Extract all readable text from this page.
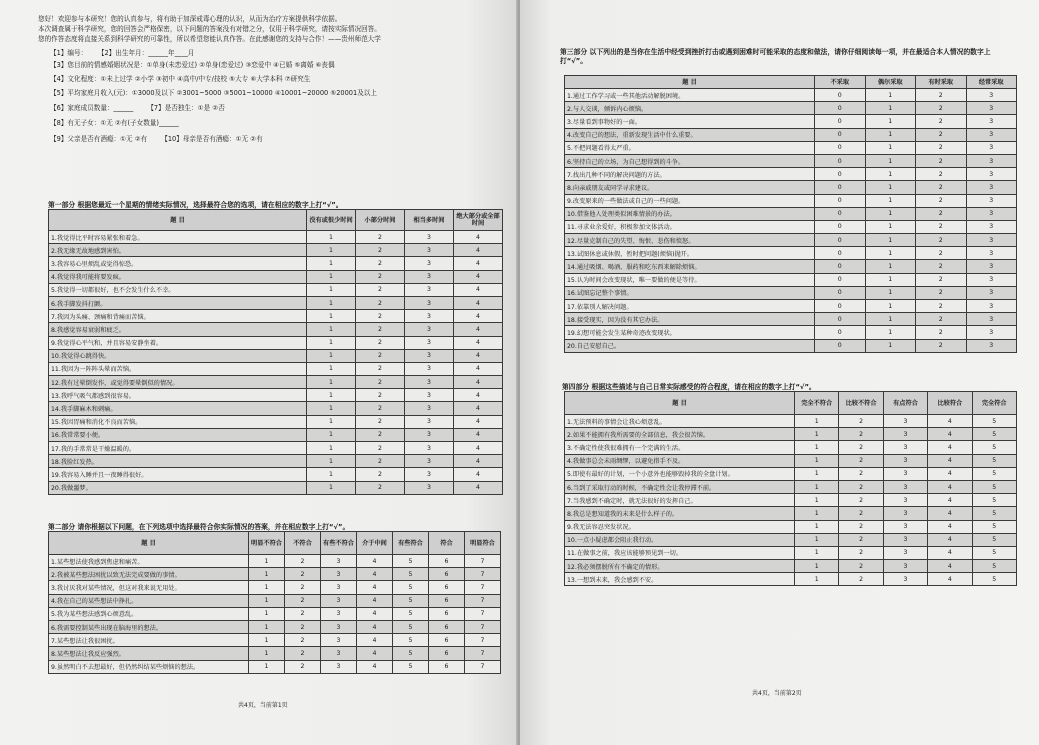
您好！欢迎参与本研究！您的认真参与，将有助于加深戒毒心理的认识，从而为治疗方案提供科学依据。

本次调查属于科学研究，您的回答会严格保密，以下问题的答案没有对错之分，仅用于科学研究，请按实际情况回答。

您的作答态度将直接关系到科学研究的可靠性，所以希望您能认真作答。在此感谢您的支持与合作！——贵州师范大学

【1】编号： 【2】出生年月：______年____月
【3】您目前的情感婚姻状况是：①单身(未恋爱过) ②单身(恋爱过) ③恋爱中 ④已婚 ⑤离婚 ⑥丧偶
【4】文化程度：①未上过学 ②小学 ③初中 ④高中/中专/技校 ⑤大专 ⑥大学本科 ⑦研究生
【5】平均家庭月收入(元)：①3000及以下 ②3001~5000 ③5001~10000 ④10001~20000 ⑤20001及以上
【6】家庭成员数量：______ 【7】是否独生：①是 ②否
【8】有无子女：①无 ②有(子女数量)______
【9】父亲是否有酒瘾：①无 ②有 【10】母亲是否有酒瘾：①无 ②有
第一部分 根据您最近一个星期的情绪实际情况，选择最符合您的选项，请在相应的数字上打“√”。
题 目	没有或很少时间	小部分时间	相当多时间	绝大部分或全部时间
1.我觉得比平时容易紧张和着急。	1	2	3	4
2.我无缘无故地感到害怕。	1	2	3	4
3.我容易心里烦乱或觉得惊恐。	1	2	3	4
4.我觉得我可能将要发疯。	1	2	3	4
5.我觉得一切都很好，也不会发生什么不幸。	1	2	3	4
6.我手脚发抖打颤。	1	2	3	4
7.我因为头痛、颈痛和背痛而苦恼。	1	2	3	4
8.我感觉容易衰弱和疲乏。	1	2	3	4
9.我觉得心平气和，并且容易安静坐着。	1	2	3	4
10.我觉得心跳得快。	1	2	3	4
11.我因为一阵阵头晕而苦恼。	1	2	3	4
12.我有过晕倒发作，或觉得要晕倒似的情况。	1	2	3	4
13.我呼气吸气都感到很容易。	1	2	3	4
14.我手脚麻木和刺痛。	1	2	3	4
15.我因胃痛和消化不良而苦恼。	1	2	3	4
16.我常常要小便。	1	2	3	4
17.我的手常常是干燥温暖的。	1	2	3	4
18.我脸红发热。	1	2	3	4
19.我容易入睡并且一夜睡得很好。	1	2	3	4
20.我做噩梦。	1	2	3	4
第二部分 请你根据以下问题，在下列选项中选择最符合你实际情况的答案，并在相应数字上打“√”。
题 目	明显不符合	不符合	有些不符合	介于中间	有些符合	符合	明显符合
1.某些想法使我感到焦虑和痛苦。	1	2	3	4	5	6	7
2.我被某些想法困扰以致无法完成要做的事情。	1	2	3	4	5	6	7
3.我讨厌我对某些情况，但这对我来说无用处。	1	2	3	4	5	6	7
4.我在自己的某些想法中挣扎。	1	2	3	4	5	6	7
5.我为某些想法感到心烦意乱。	1	2	3	4	5	6	7
6.我需要控制某些出现在脑海里的想法。	1	2	3	4	5	6	7
7.某些想法让我很困扰。	1	2	3	4	5	6	7
8.某些想法让我反应强烈。	1	2	3	4	5	6	7
9.虽然明白不去想最好，但仍然纠结某些烦恼的想法。	1	2	3	4	5	6	7
共4页，当前第1页
第三部分 以下列出的是当你在生活中经受到挫折打击或遇到困难时可能采取的态度和做法，请你仔细阅读每一项，并在最适合本人情况的数字上打“√”。
题 目	不采取	偶尔采取	有时采取	经常采取
1.通过工作学习或一些其他活动解脱困境。	0	1	2	3
2.与人交谈，倾诉内心烦恼。	0	1	2	3
3.尽量看到事物好的一面。	0	1	2	3
4.改变自己的想法，重新发现生活中什么重要。	0	1	2	3
5.不把问题看得太严重。	0	1	2	3
6.坚持自己的立场，为自己想得到的斗争。	0	1	2	3
7.找出几种不同的解决问题的方法。	0	1	2	3
8.向亲戚朋友或同学寻求建议。	0	1	2	3
9.改变原来的一些做法或自己的一些问题。	0	1	2	3
10.借鉴他人处理类似困难情景的办法。	0	1	2	3
11.寻求业余爱好，积极参加文体活动。	0	1	2	3
12.尽量克制自己的失望、悔恨、悲伤和愤怒。	0	1	2	3
13.试图休息或休假，暂时把问题(烦恼)抛开。	0	1	2	3
14.通过吸烟、喝酒、服药和吃东西来解除烦恼。	0	1	2	3
15.认为时间会改变现状，唯一要做的便是等待。	0	1	2	3
16.试图忘记整个事情。	0	1	2	3
17.依靠别人解决问题。	0	1	2	3
18.接受现实，因为没有其它办法。	0	1	2	3
19.幻想可能会发生某种奇迹改变现状。	0	1	2	3
20.自己安慰自己。	0	1	2	3
第四部分 根据这些描述与自己日常实际感受的符合程度，请在相应的数字上打“√”。
题 目	完全不符合	比较不符合	有点符合	比较符合	完全符合
1.无法预料的事情会让我心烦意乱。	1	2	3	4	5
2.如果不能拥有我所需要的全部信息，我会很苦恼。	1	2	3	4	5
3.不确定性使我很难拥有一个完满的生活。	1	2	3	4	5
4.我做事总会未雨绸缪，以避免措手不及。	1	2	3	4	5
5.即使有最好的计划，一个小意外也能够毁掉我的全盘计划。	1	2	3	4	5
6.当到了采取行动的时候，不确定性会让我停滞不前。	1	2	3	4	5
7.当我感到不确定时，就无法很好的发挥自己。	1	2	3	4	5
8.我总是想知道我的未来是什么样子的。	1	2	3	4	5
9.我无法容忍突发状况。	1	2	3	4	5
10.一点小疑虑都会阻止我行动。	1	2	3	4	5
11.在做事之前，我应该能够预见到一切。	1	2	3	4	5
12.我必须摆脱所有不确定的情形。	1	2	3	4	5
13.一想到未来，我会感到不安。	1	2	3	4	5
共4页，当前第2页
